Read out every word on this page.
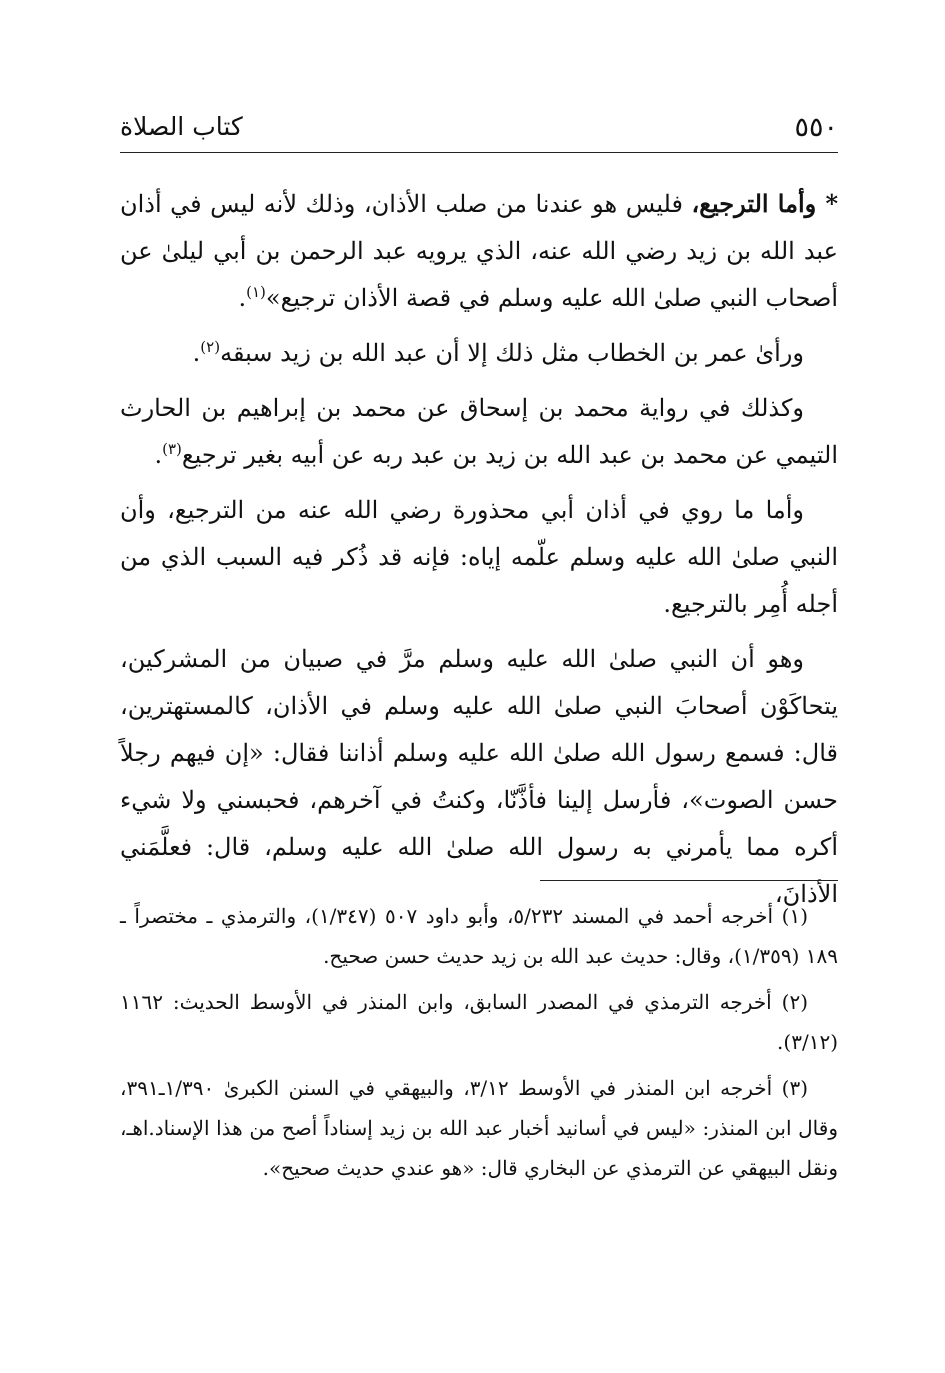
٥٥٠
كتاب الصلاة

* وأما الترجيع، فليس هو عندنا من صلب الأذان، وذلك لأنه ليس في أذان عبد الله بن زيد رضي الله عنه، الذي يرويه عبد الرحمن بن أبي ليلىٰ عن أصحاب النبي صلىٰ الله عليه وسلم في قصة الأذان ترجيع»$^{(١)}$.

ورأىٰ عمر بن الخطاب مثل ذلك إلا أن عبد الله بن زيد سبقه$^{(٢)}$.

وكذلك في رواية محمد بن إسحاق عن محمد بن إبراهيم بن الحارث التيمي عن محمد بن عبد الله بن زيد بن عبد ربه عن أبيه بغير ترجيع$^{(٣)}$.

وأما ما روي في أذان أبي محذورة رضي الله عنه من الترجيع، وأن النبي صلىٰ الله عليه وسلم علّمه إياه: فإنه قد ذُكر فيه السبب الذي من أجله أُمِر بالترجيع.

وهو أن النبي صلىٰ الله عليه وسلم مرَّ في صبيان من المشركين، يتحاكَوْن أصحابَ النبي صلىٰ الله عليه وسلم في الأذان، كالمستهترين، قال: فسمع رسول الله صلىٰ الله عليه وسلم أذاننا فقال: «إن فيهم رجلاً حسن الصوت»، فأرسل إلينا فأذَّنّا، وكنتُ في آخرهم، فحبسني ولا شيء أكره مما يأمرني به رسول الله صلىٰ الله عليه وسلم، قال: فعلَّمَني الأذانَ،

(١) أخرجه أحمد في المسند ٥/٢٣٢، وأبو داود ٥٠٧ (١/٣٤٧)، والترمذي ـ مختصراً ـ ١٨٩ (١/٣٥٩)، وقال: حديث عبد الله بن زيد حديث حسن صحيح.

(٢) أخرجه الترمذي في المصدر السابق، وابن المنذر في الأوسط الحديث: ١١٦٢ (٣/١٢).

(٣) أخرجه ابن المنذر في الأوسط ٣/١٢، والبيهقي في السنن الكبرىٰ ١/٣٩٠ـ٣٩١، وقال ابن المنذر: «ليس في أسانيد أخبار عبد الله بن زيد إسناداً أصح من هذا الإسناد.اهـ، ونقل البيهقي عن الترمذي عن البخاري قال: «هو عندي حديث صحيح».
